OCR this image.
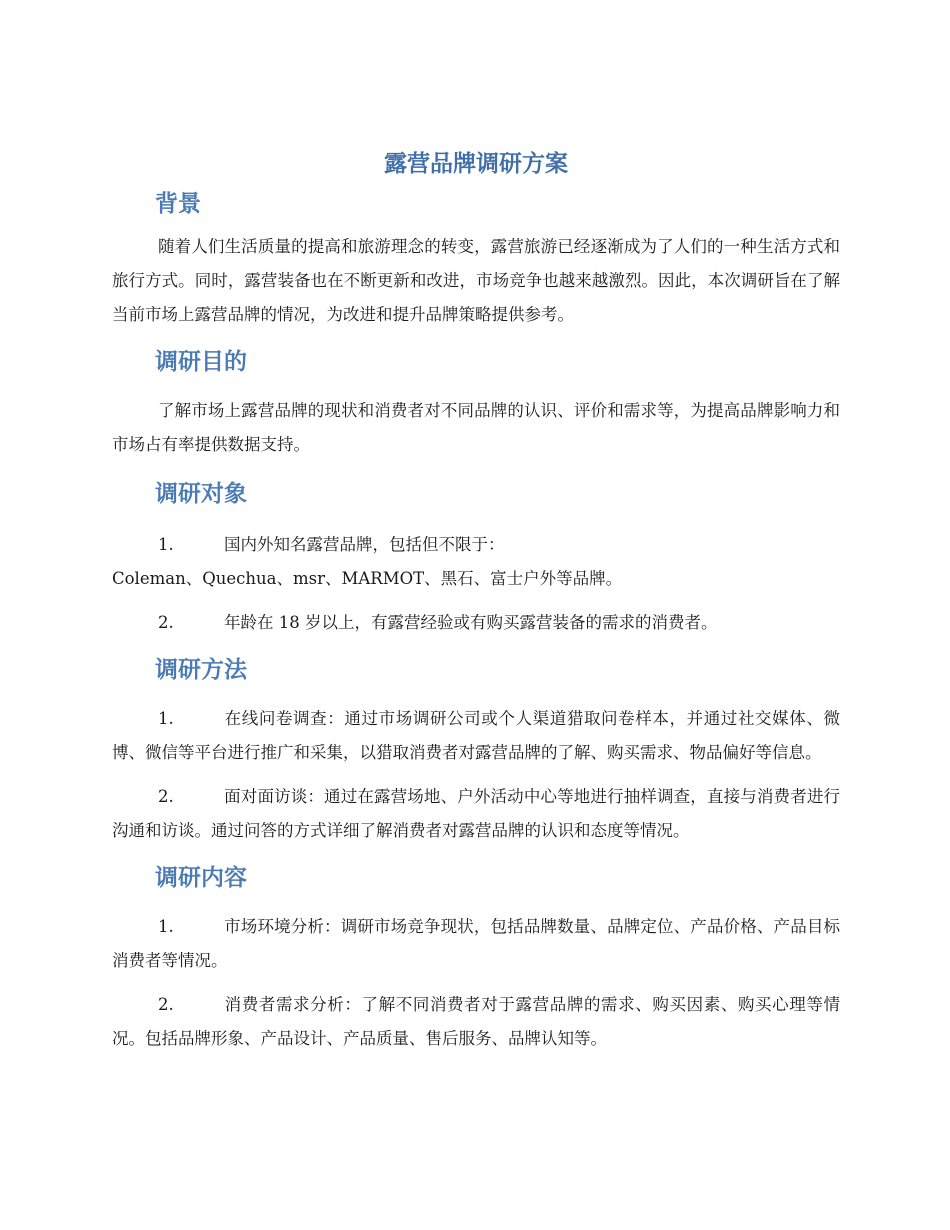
露营品牌调研方案
背景

随着人们生活质量的提高和旅游理念的转变，露营旅游已经逐渐成为了人们的一种生活方式和旅行方式。同时，露营装备也在不断更新和改进，市场竞争也越来越激烈。因此，本次调研旨在了解当前市场上露营品牌的情况，为改进和提升品牌策略提供参考。

调研目的

了解市场上露营品牌的现状和消费者对不同品牌的认识、评价和需求等，为提高品牌影响力和市场占有率提供数据支持。

调研对象
1.	国内外知名露营品牌，包括但不限于：
Coleman、Quechua、msr、MARMOT、黑石、富士户外等品牌。
2.	年龄在 18 岁以上，有露营经验或有购买露营装备的需求的消费者。
调研方法
1.	在线问卷调查：通过市场调研公司或个人渠道猎取问卷样本，并通过社交媒体、微博、微信等平台进行推广和采集，以猎取消费者对露营品牌的了解、购买需求、物品偏好等信息。
2.	面对面访谈：通过在露营场地、户外活动中心等地进行抽样调查，直接与消费者进行沟通和访谈。通过问答的方式详细了解消费者对露营品牌的认识和态度等情况。
调研内容
1.	市场环境分析：调研市场竞争现状，包括品牌数量、品牌定位、产品价格、产品目标消费者等情况。
2.	消费者需求分析：了解不同消费者对于露营品牌的需求、购买因素、购买心理等情况。包括品牌形象、产品设计、产品质量、售后服务、品牌认知等。
